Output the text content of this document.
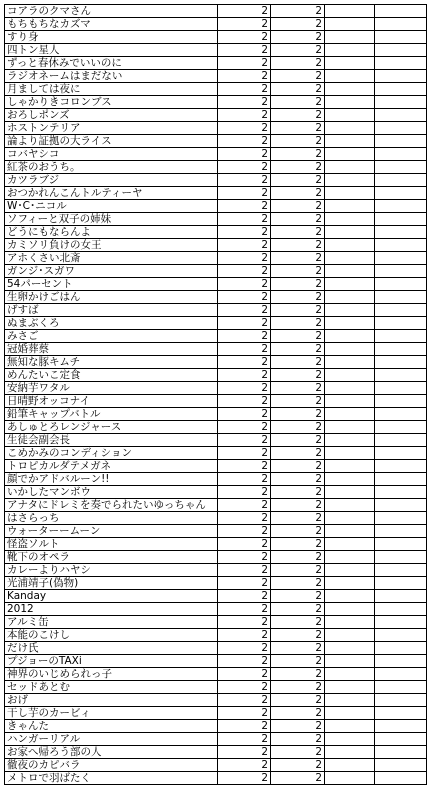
コアラのクマさん	2	2		
もちもちなカズマ	2	2		
すり身	2	2		
四トン星人	2	2		
ずっと春休みでいいのに	2	2		
ラジオネームはまだない	2	2		
月ましては夜に	2	2		
しゃかりきコロンブス	2	2		
おろしポンズ	2	2		
ホストンテリア	2	2		
論より証拠の大ライス	2	2		
コバヤシコ	2	2		
紅茶のおうち。	2	2		
カツラブジ	2	2		
おつかれんこんトルティーヤ	2	2		
W･C･ニコル	2	2		
ソフィーと双子の姉妹	2	2		
どうにもならんよ	2	2		
カミソリ負けの女王	2	2		
アホくさい北斎	2	2		
ガンジ･スガワ	2	2		
54パーセント	2	2		
生卵かけごはん	2	2		
げすば	2	2		
ぬまぶくろ	2	2		
みさご	2	2		
冠婚葬蔡	2	2		
無知な豚キムチ	2	2		
めんたいこ定食	2	2		
安納芋ワタル	2	2		
日晴野オッコナイ	2	2		
鉛筆キャップバトル	2	2		
あしゅとろレンジャース	2	2		
生徒会副会長	2	2		
こめかみのコンディション	2	2		
トロピカルダテメガネ	2	2		
顔でかアドバルーン!!	2	2		
いかしたマンボウ	2	2		
アナタにドレミを奏でられたいゆっちゃん	2	2		
はさらっち	2	2		
ウォーターームーン	2	2		
怪盗ソルト	2	2		
靴下のオペラ	2	2		
カレーよりハヤシ	2	2		
光浦靖子(偽物)	2	2		
Kanday	2	2		
2012	2	2		
アルミ缶	2	2		
本能のこけし	2	2		
だけ氏	2	2		
プジョーのTAXi	2	2		
神界のいじめられっ子	2	2		
セッドあとむ	2	2		
おげ	2	2		
干し芋のカービィ	2	2		
きゃんた	2	2		
ハンガーリアル	2	2		
お家へ帰ろう部の人	2	2		
徹夜のカピバラ	2	2		
メトロで羽ばたく	2	2		
